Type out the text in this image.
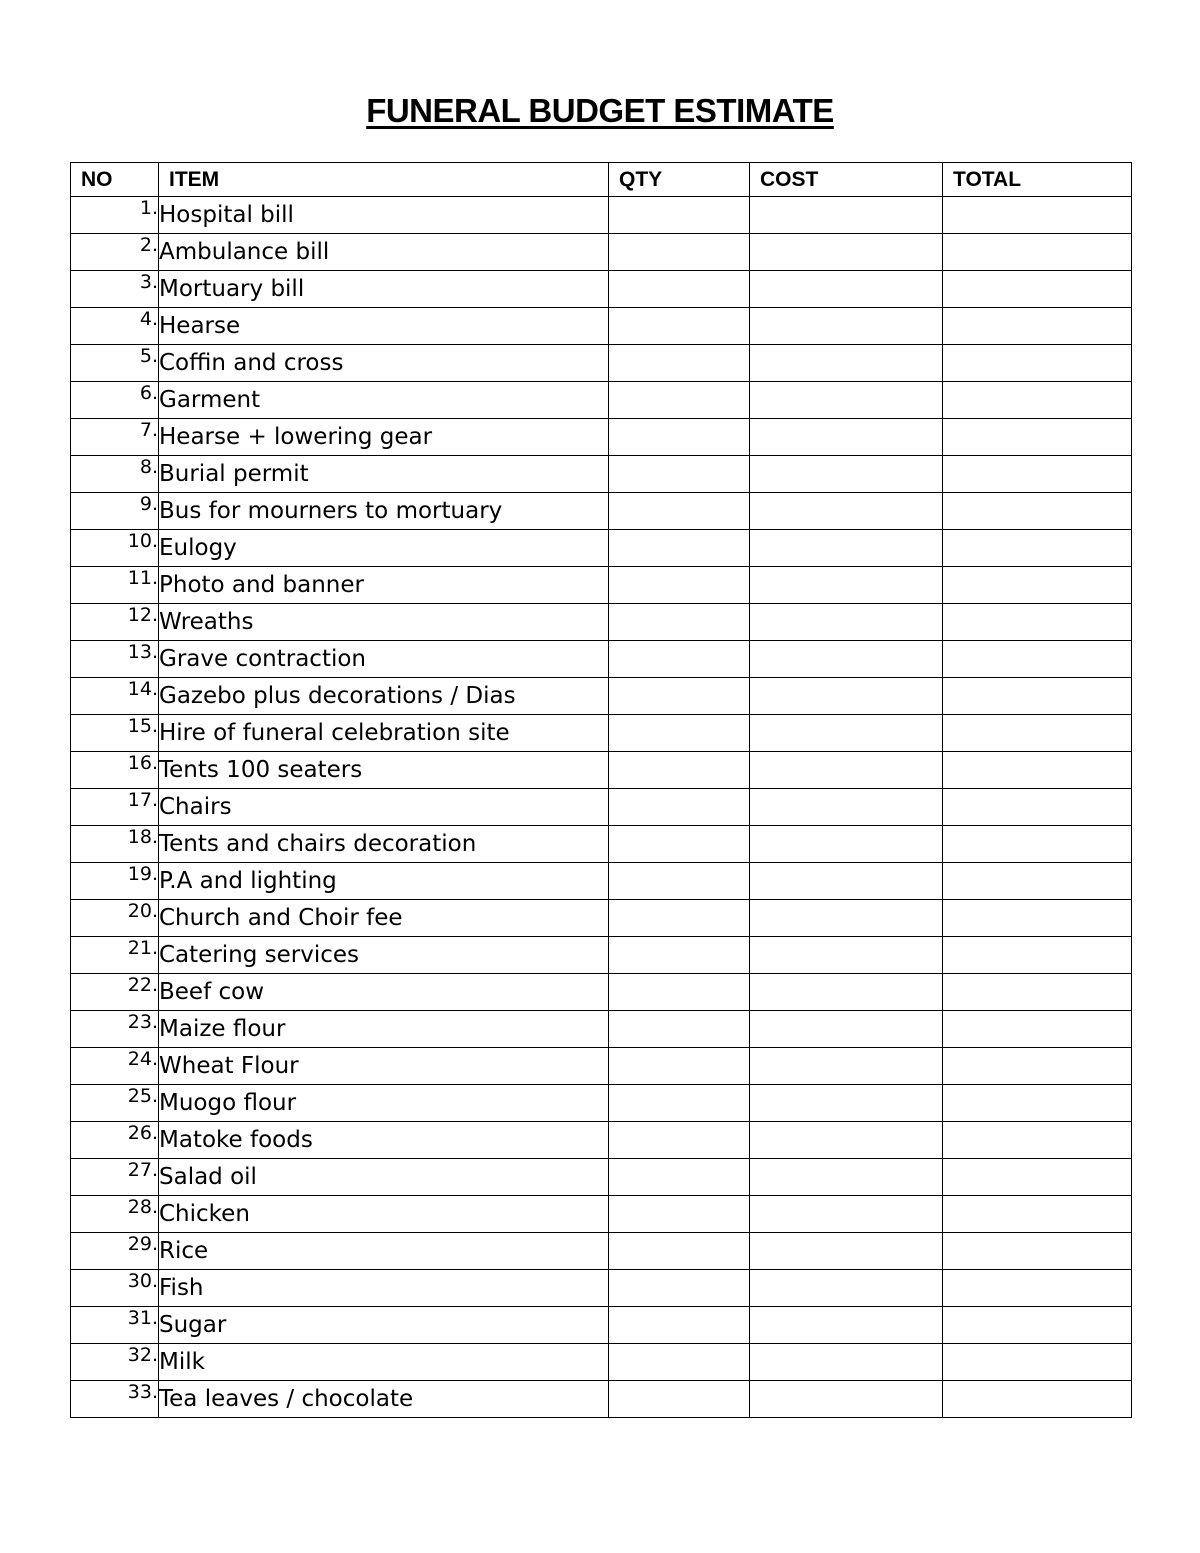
FUNERAL BUDGET ESTIMATE
NO	ITEM	QTY	COST	TOTAL
1.	Hospital bill			
2.	Ambulance bill			
3.	Mortuary bill			
4.	Hearse			
5.	Coffin and cross			
6.	Garment			
7.	Hearse + lowering gear			
8.	Burial permit			
9.	Bus for mourners to mortuary			
10.	Eulogy			
11.	Photo and banner			
12.	Wreaths			
13.	Grave contraction			
14.	Gazebo plus decorations / Dias			
15.	Hire of funeral celebration site			
16.	Tents 100 seaters			
17.	Chairs			
18.	Tents and chairs decoration			
19.	P.A and lighting			
20.	Church and Choir fee			
21.	Catering services			
22.	Beef cow			
23.	Maize flour			
24.	Wheat Flour			
25.	Muogo flour			
26.	Matoke foods			
27.	Salad oil			
28.	Chicken			
29.	Rice			
30.	Fish			
31.	Sugar			
32.	Milk			
33.	Tea leaves / chocolate			
